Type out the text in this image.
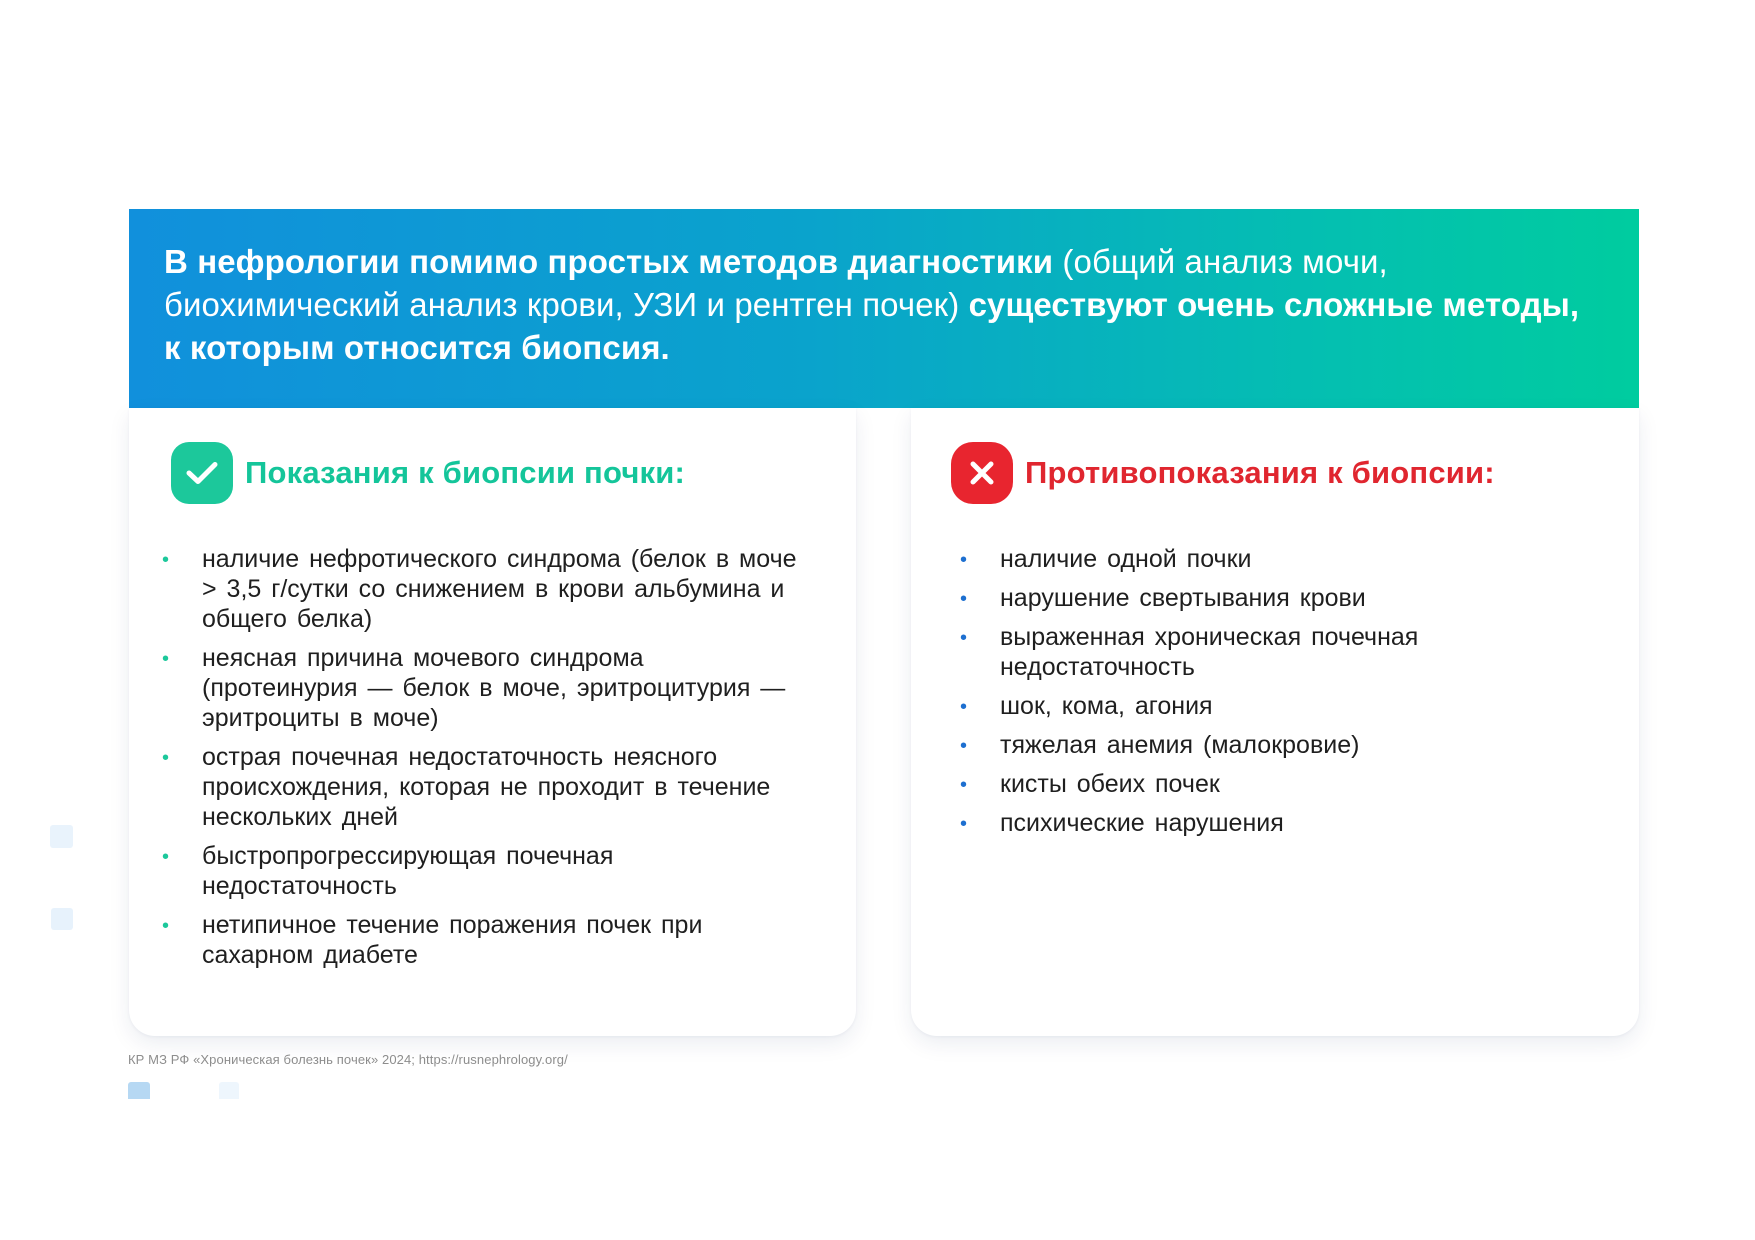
В нефрологии помимо простых методов диагностики (общий анализ мочи, биохимический анализ крови, УЗИ и рентген почек) существуют очень сложные методы, к которым относится биопсия.

Показания к биопсии почки:
• наличие нефротического синдрома (белок в моче > 3,5 г/сутки со снижением в крови альбумина и общего белка)
• неясная причина мочевого синдрома (протеинурия — белок в моче, эритроцитурия — эритроциты в моче)
• острая почечная недостаточность неясного происхождения, которая не проходит в течение нескольких дней
• быстропрогрессирующая почечная недостаточность
• нетипичное течение поражения почек при сахарном диабете
Противопоказания к биопсии:
• наличие одной почки
• нарушение свертывания крови
• выраженная хроническая почечная недостаточность
• шок, кома, агония
• тяжелая анемия (малокровие)
• кисты обеих почек
• психические нарушения
КР МЗ РФ «Хроническая болезнь почек» 2024; https://rusnephrology.org/
